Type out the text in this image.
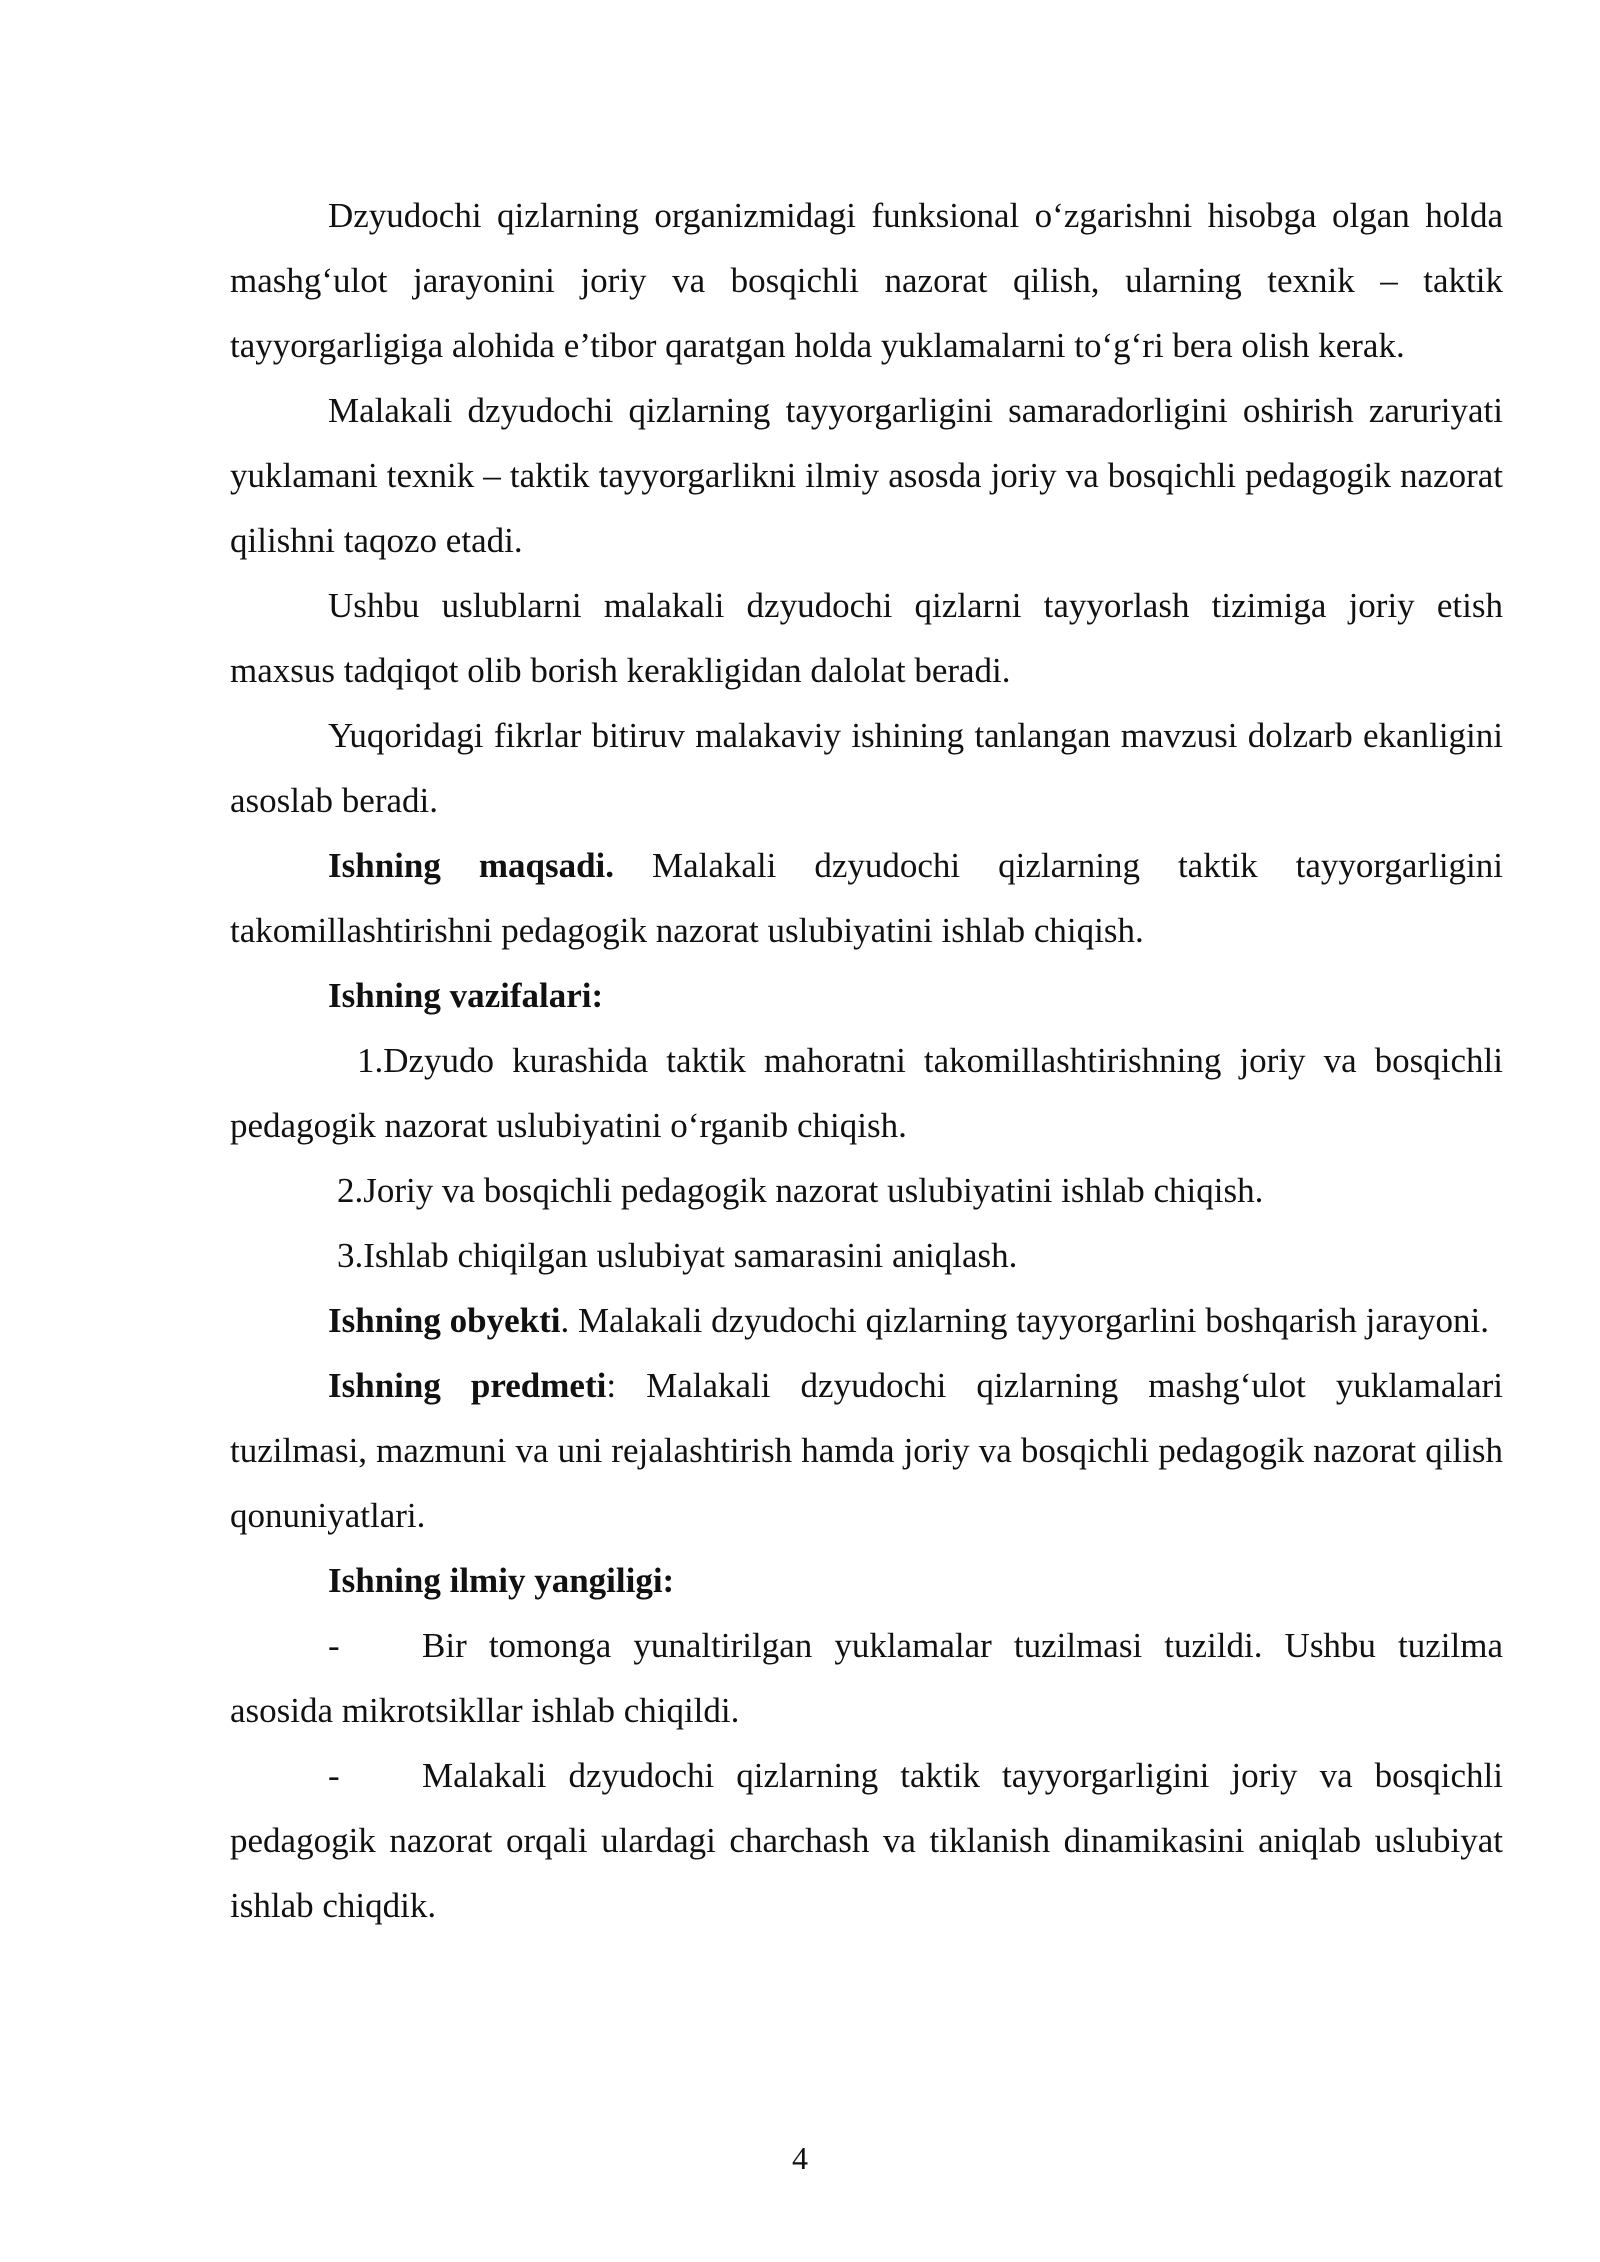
Dzyudochi qizlarning organizmidagi funksional o‘zgarishni hisobga olgan holda mashg‘ulot jarayonini joriy va bosqichli nazorat qilish, ularning texnik – taktik tayyorgarligiga alohida e’tibor qaratgan holda yuklamalarni to‘g‘ri bera olish kerak.

Malakali dzyudochi qizlarning tayyorgarligini samaradorligini oshirish zaruriyati yuklamani texnik – taktik tayyorgarlikni ilmiy asosda joriy va bosqichli pedagogik nazorat qilishni taqozo etadi.

Ushbu uslublarni malakali dzyudochi qizlarni tayyorlash tizimiga joriy etish maxsus tadqiqot olib borish kerakligidan dalolat beradi.

Yuqoridagi fikrlar bitiruv malakaviy ishining tanlangan mavzusi dolzarb ekanligini asoslab beradi.

Ishning maqsadi. Malakali dzyudochi qizlarning taktik tayyorgarligini takomillashtirishni pedagogik nazorat uslubiyatini ishlab chiqish.

Ishning vazifalari:

1.Dzyudo kurashida taktik mahoratni takomillashtirishning joriy va bosqichli pedagogik nazorat uslubiyatini o‘rganib chiqish.

2.Joriy va bosqichli pedagogik nazorat uslubiyatini ishlab chiqish.

3.Ishlab chiqilgan uslubiyat samarasini aniqlash.

Ishning obyekti. Malakali dzyudochi qizlarning tayyorgarlini boshqarish jarayoni.

Ishning predmeti: Malakali dzyudochi qizlarning mashg‘ulot yuklamalari tuzilmasi, mazmuni va uni rejalashtirish hamda joriy va bosqichli pedagogik nazorat qilish qonuniyatlari.

Ishning ilmiy yangiligi:

- Bir tomonga yunaltirilgan yuklamalar tuzilmasi tuzildi. Ushbu tuzilma asosida mikrotsikllar ishlab chiqildi.

- Malakali dzyudochi qizlarning taktik tayyorgarligini joriy va bosqichli pedagogik nazorat orqali ulardagi charchash va tiklanish dinamikasini aniqlab uslubiyat ishlab chiqdik.

4
